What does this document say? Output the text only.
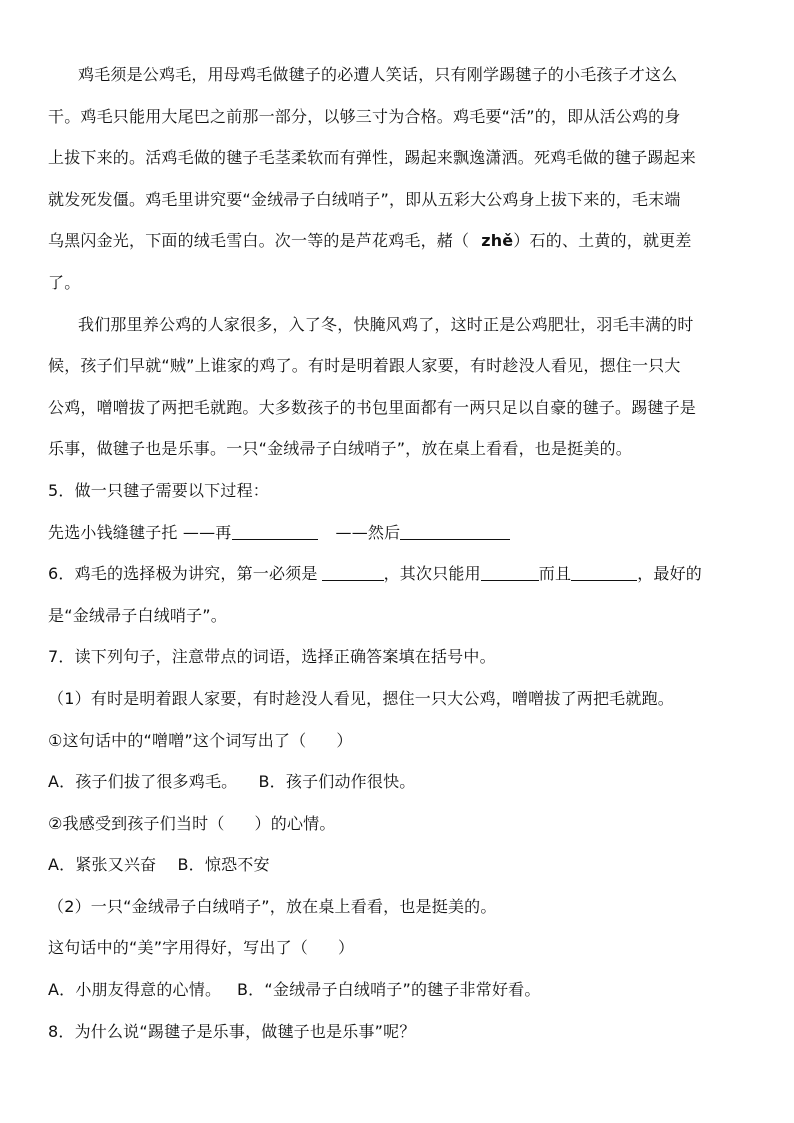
鸡毛须是公鸡毛，用母鸡毛做毽子的必遭人笑话，只有刚学踢毽子的小毛孩子才这么
干。鸡毛只能用大尾巴之前那一部分，以够三寸为合格。鸡毛要“活”的，即从活公鸡的身
上拔下来的。活鸡毛做的毽子毛茎柔软而有弹性，踢起来飘逸潇洒。死鸡毛做的毽子踢起来
就发死发僵。鸡毛里讲究要“金绒帚子白绒哨子”，即从五彩大公鸡身上拔下来的，毛末端
乌黑闪金光，下面的绒毛雪白。次一等的是芦花鸡毛，赭（ zhě）石的、土黄的，就更差
了。
我们那里养公鸡的人家很多，入了冬，快腌风鸡了，这时正是公鸡肥壮，羽毛丰满的时
候，孩子们早就“贼”上谁家的鸡了。有时是明着跟人家要，有时趁没人看见，摁住一只大
公鸡，噌噌拔了两把毛就跑。大多数孩子的书包里面都有一两只足以自豪的毽子。踢毽子是
乐事，做毽子也是乐事。一只“金绒帚子白绒哨子”，放在桌上看看，也是挺美的。
5．做一只毽子需要以下过程：
先选小钱缝毽子托 ——再	——然后
6．鸡毛的选择极为讲究，第一必须是	，其次只能用	而且	，最好的
是“金绒帚子白绒哨子”。
7．读下列句子，注意带点的词语，选择正确答案填在括号中。
（1）有时是明着跟人家要，有时趁没人看见，摁住一只大公鸡，噌噌拔了两把毛就跑。
①这句话中的“噌噌”这个词写出了（ ）
A．孩子们拔了很多鸡毛。    B．孩子们动作很快。
②我感受到孩子们当时（ ）的心情。
A．紧张又兴奋    B．惊恐不安
（2）一只“金绒帚子白绒哨子”，放在桌上看看，也是挺美的。
这句话中的“美”字用得好，写出了（ ）
A．小朋友得意的心情。   B．“金绒帚子白绒哨子”的毽子非常好看。
8．为什么说“踢毽子是乐事，做毽子也是乐事”呢？
